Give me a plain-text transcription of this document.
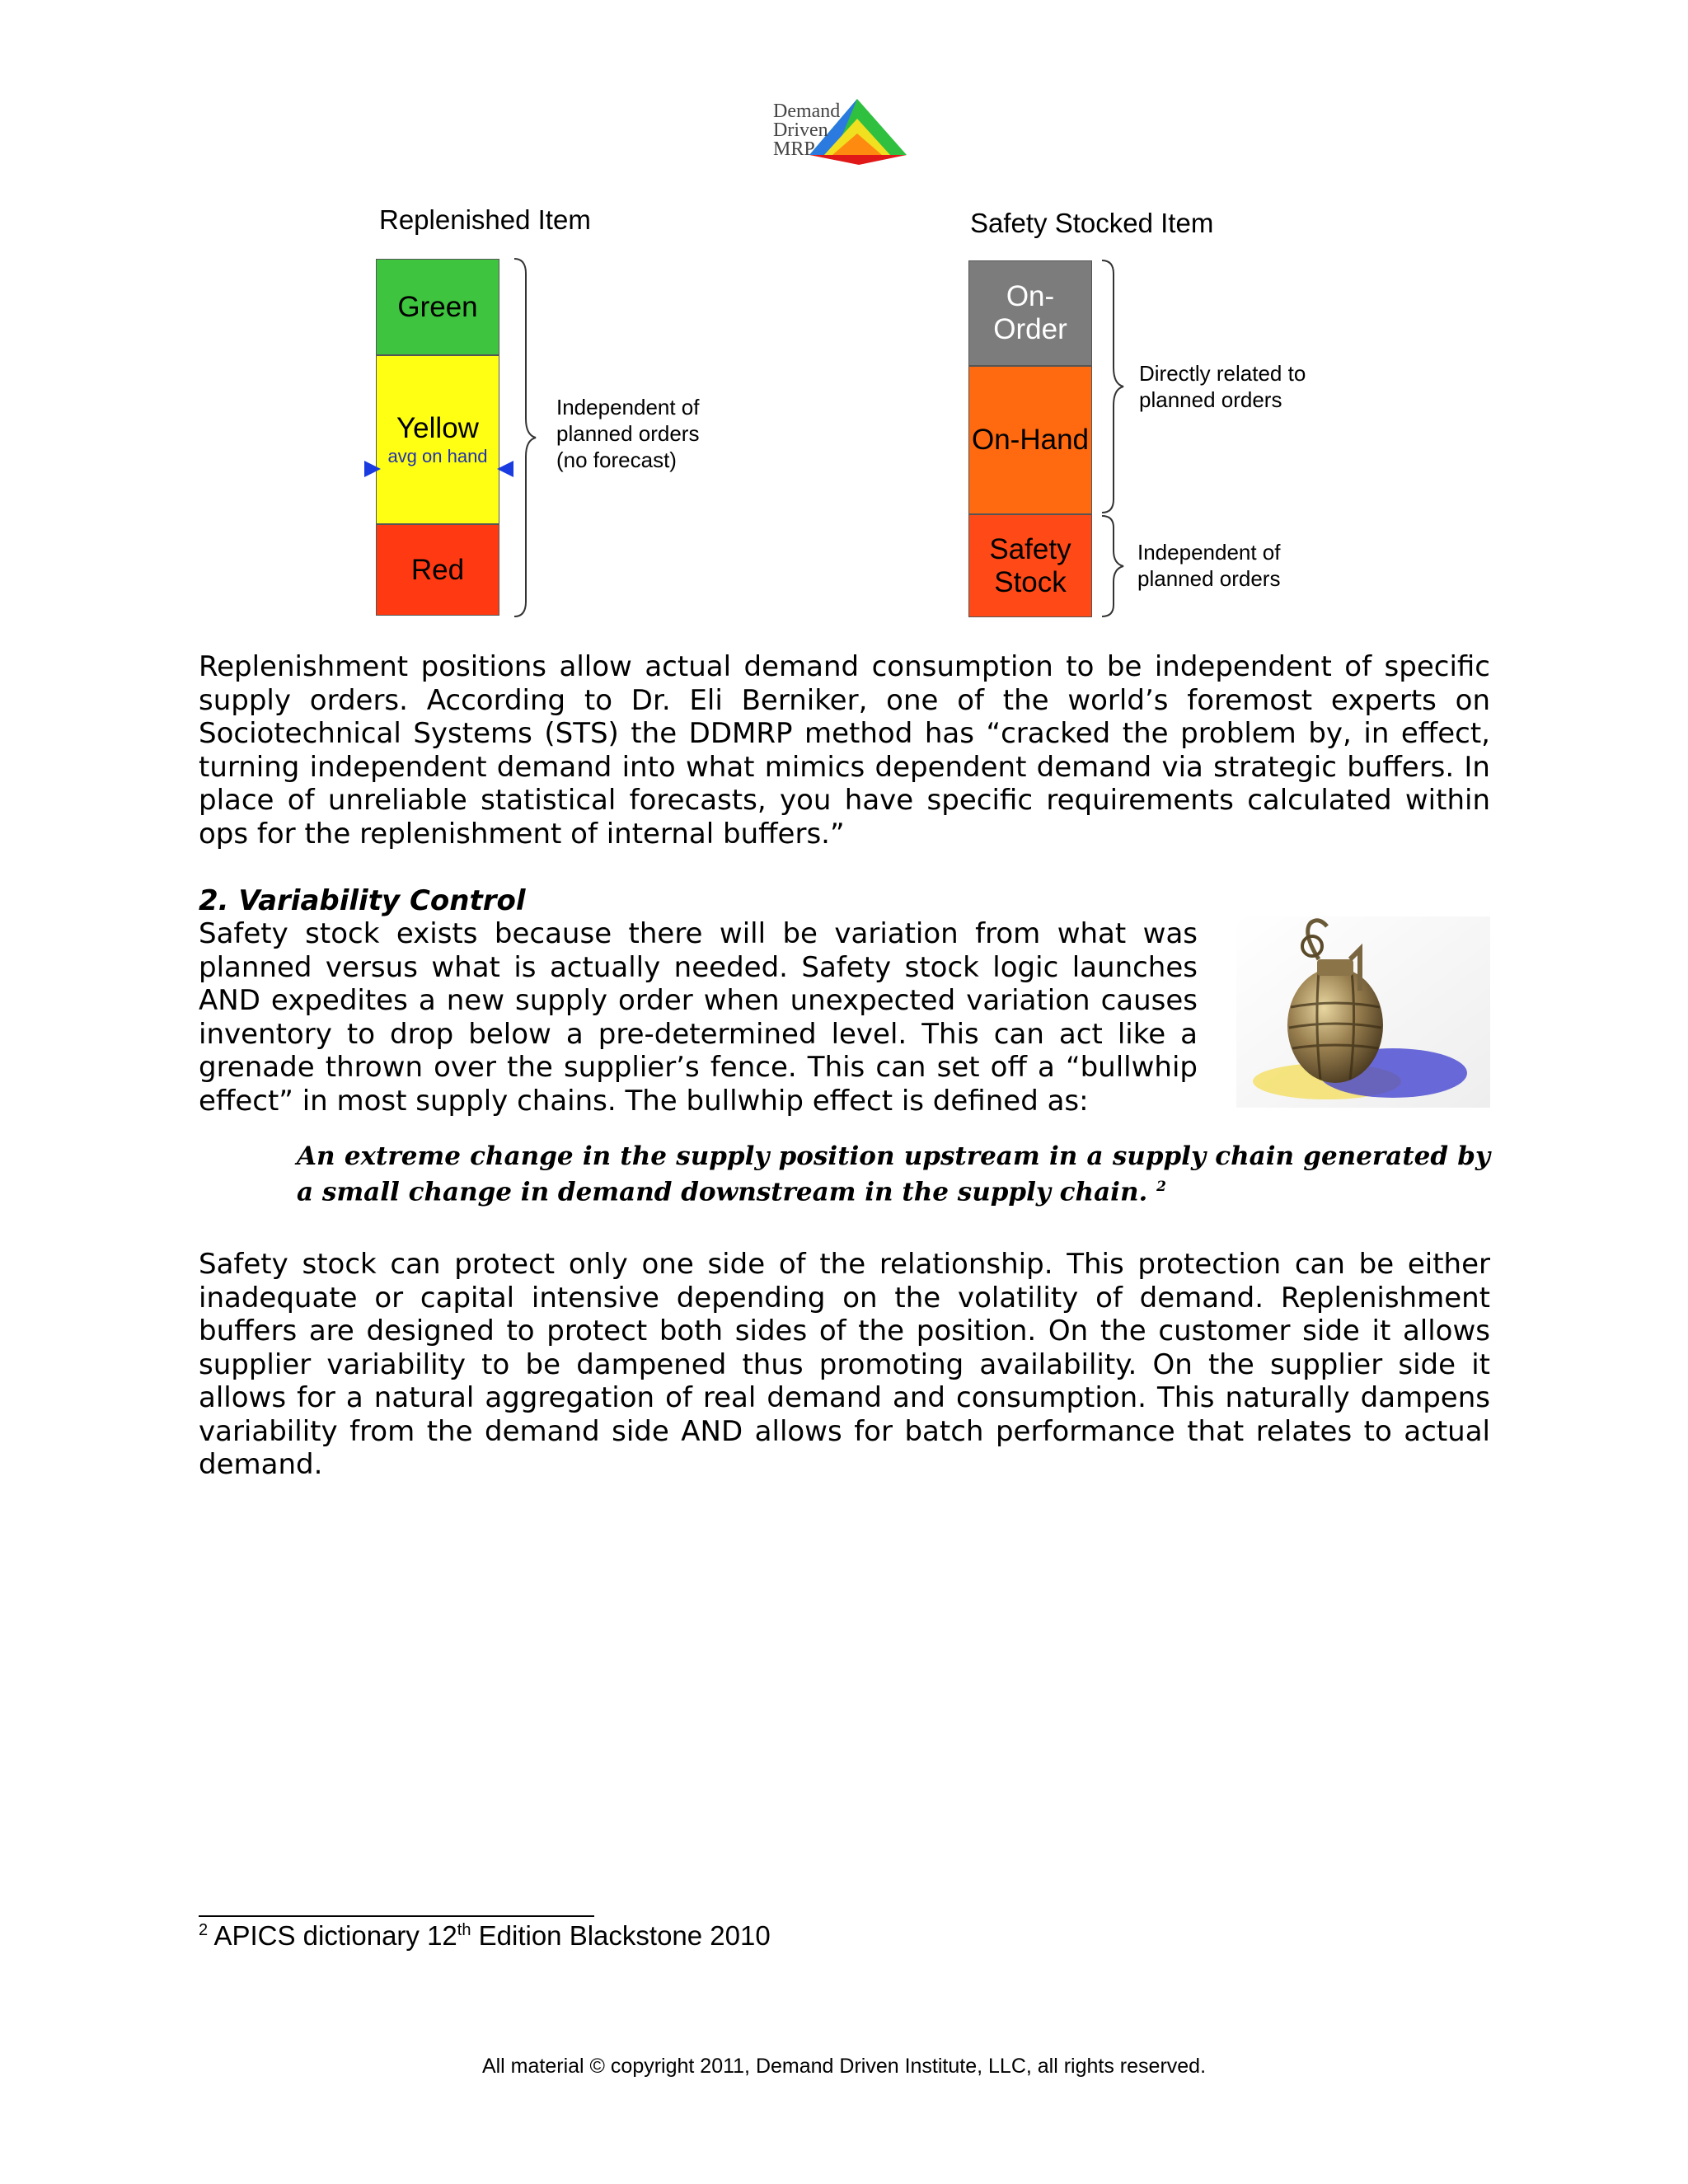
Demand
Driven
MRP
Replenished Item
Green
Yellow
avg on hand
Red
Independent of
planned orders
(no forecast)
Safety Stocked Item
On-
Order
On-Hand
Safety
Stock
Directly related to
planned orders
Independent of
planned orders
Replenishment positions allow actual demand consumption to be independent of specific supply orders. According to Dr. Eli Berniker, one of the world’s foremost experts on Sociotechnical Systems (STS) the DDMRP method has “cracked the problem by, in effect, turning independent demand into what mimics dependent demand via strategic buffers. In place of unreliable statistical forecasts, you have specific requirements calculated within ops for the replenishment of internal buffers.”
2. Variability Control
Safety stock exists because there will be variation from what was planned versus what is actually needed. Safety stock logic launches AND expedites a new supply order when unexpected variation causes inventory to drop below a pre-determined level. This can act like a grenade thrown over the supplier’s fence. This can set off a “bullwhip effect” in most supply chains. The bullwhip effect is defined as:
An extreme change in the supply position upstream in a supply chain generated by a small change in demand downstream in the supply chain. $^2$
Safety stock can protect only one side of the relationship. This protection can be either inadequate or capital intensive depending on the volatility of demand. Replenishment buffers are designed to protect both sides of the position. On the customer side it allows supplier variability to be dampened thus promoting availability. On the supplier side it allows for a natural aggregation of real demand and consumption. This naturally dampens variability from the demand side AND allows for batch performance that relates to actual demand.
$^2$ APICS dictionary 12th Edition Blackstone 2010
All material © copyright 2011, Demand Driven Institute, LLC, all rights reserved.
